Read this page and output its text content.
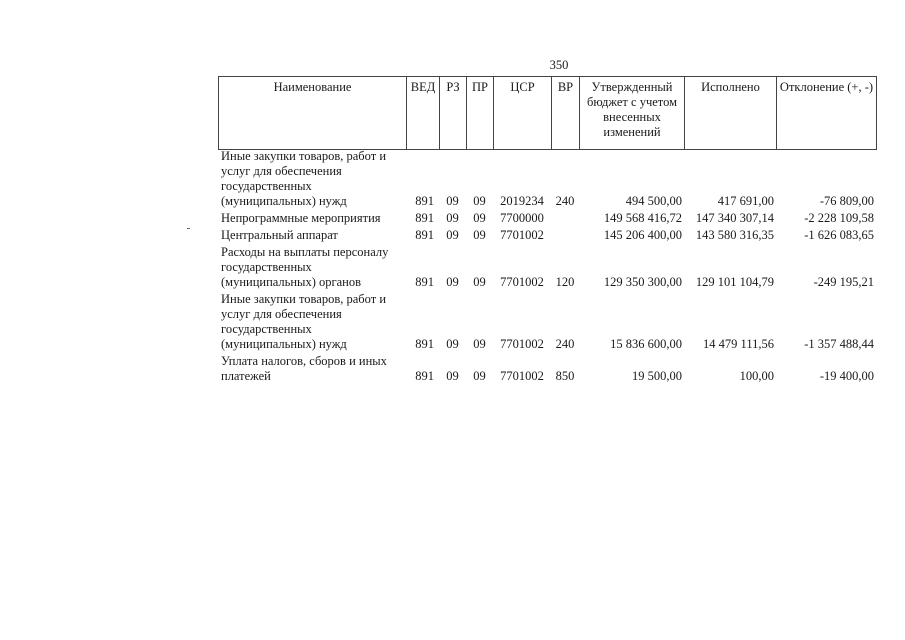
350
Наименование	ВЕД	РЗ	ПР	ЦСР	ВР	Утвержденный бюджет с учетом внесенных изменений	Исполнено	Отклонение (+, -)
Иные закупки товаров, работ и услуг для обеспечения государственных (муниципальных) нужд	891	09	09	2019234	240	494 500,00	417 691,00	-76 809,00
Непрограммные мероприятия	891	09	09	7700000		149 568 416,72	147 340 307,14	-2 228 109,58
Центральный аппарат	891	09	09	7701002		145 206 400,00	143 580 316,35	-1 626 083,65
Расходы на выплаты персоналу государственных (муниципальных) органов	891	09	09	7701002	120	129 350 300,00	129 101 104,79	-249 195,21
Иные закупки товаров, работ и услуг для обеспечения государственных (муниципальных) нужд	891	09	09	7701002	240	15 836 600,00	14 479 111,56	-1 357 488,44
Уплата налогов, сборов и иных платежей	891	09	09	7701002	850	19 500,00	100,00	-19 400,00
